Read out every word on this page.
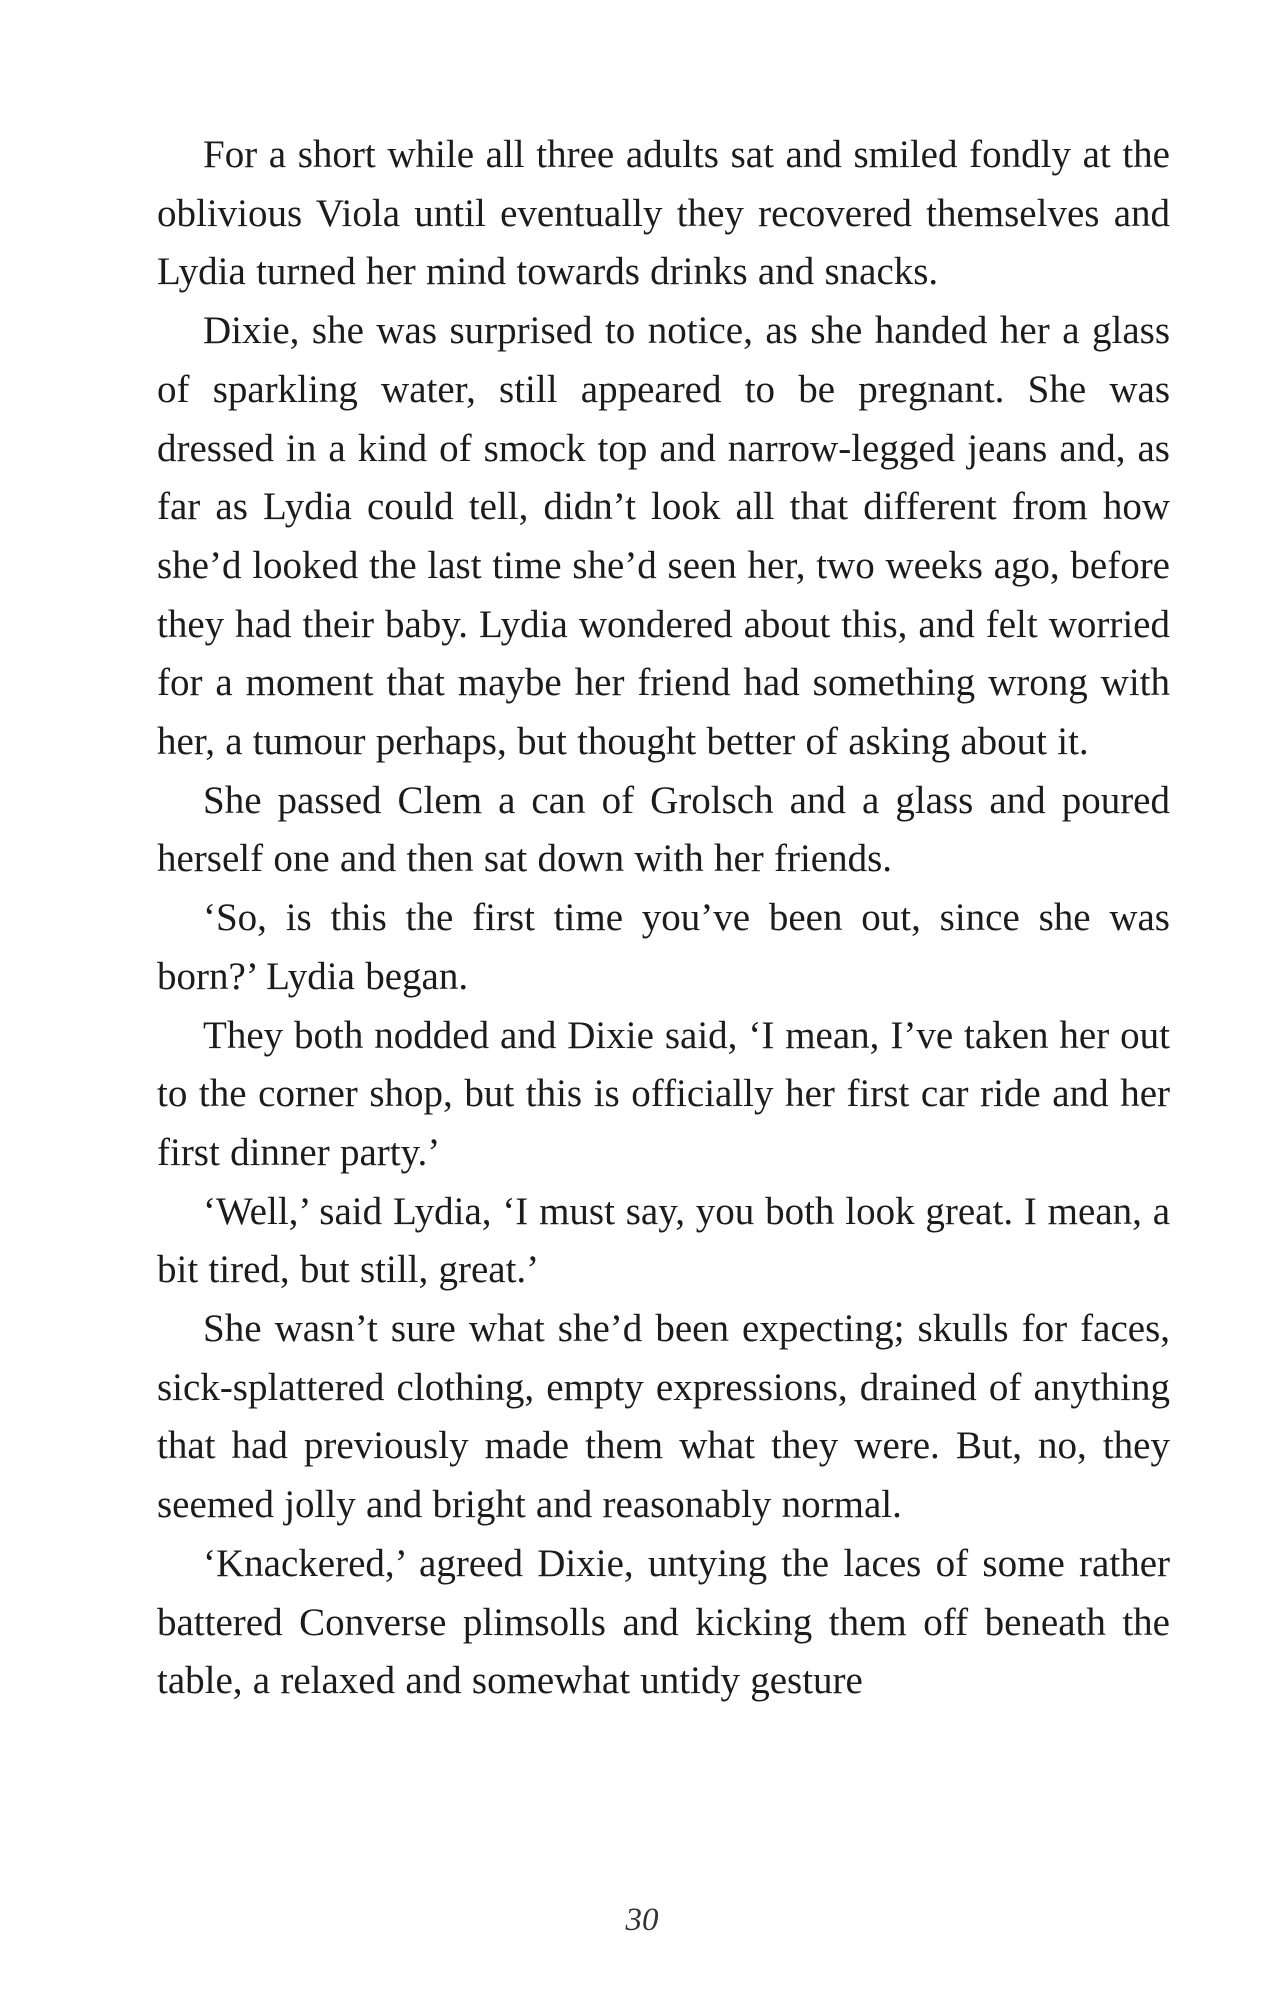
For a short while all three adults sat and smiled fondly at the oblivious Viola until eventually they recovered themselves and Lydia turned her mind towards drinks and snacks.

Dixie, she was surprised to notice, as she handed her a glass of sparkling water, still appeared to be pregnant. She was dressed in a kind of smock top and narrow-legged jeans and, as far as Lydia could tell, didn’t look all that different from how she’d looked the last time she’d seen her, two weeks ago, before they had their baby. Lydia wondered about this, and felt worried for a moment that maybe her friend had something wrong with her, a tumour perhaps, but thought better of asking about it.

She passed Clem a can of Grolsch and a glass and poured herself one and then sat down with her friends.

‘So, is this the first time you’ve been out, since she was born?’ Lydia began.

They both nodded and Dixie said, ‘I mean, I’ve taken her out to the corner shop, but this is officially her first car ride and her first dinner party.’

‘Well,’ said Lydia, ‘I must say, you both look great. I mean, a bit tired, but still, great.’

She wasn’t sure what she’d been expecting; skulls for faces, sick-splattered clothing, empty expressions, drained of anything that had previously made them what they were. But, no, they seemed jolly and bright and reasonably normal.

‘Knackered,’ agreed Dixie, untying the laces of some rather battered Converse plimsolls and kicking them off beneath the table, a relaxed and somewhat untidy gesture

30
